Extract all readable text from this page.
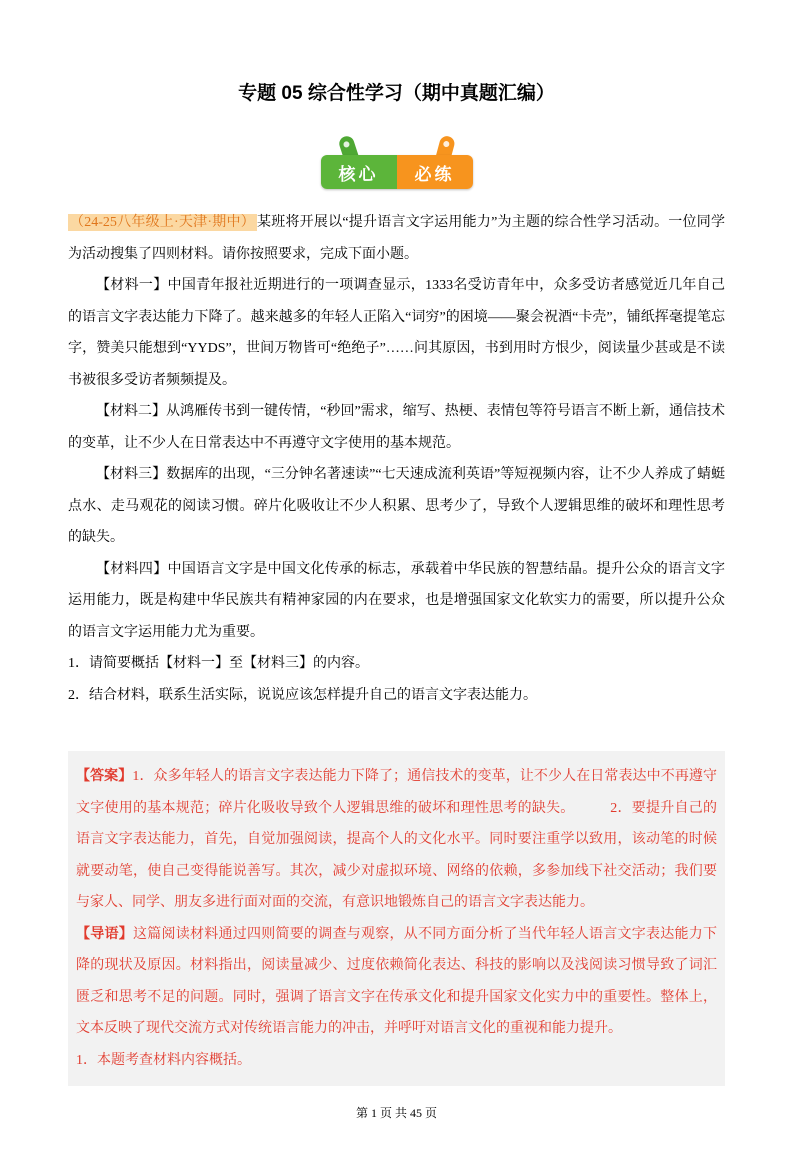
专题 05 综合性学习（期中真题汇编）
核心	必练

（24-25八年级上·天津·期中） 某班将开展以“提升语言文字运用能力”为主题的综合性学习活动。一位同学为活动搜集了四则材料。请你按照要求，完成下面小题。

【材料一】中国青年报社近期进行的一项调查显示，1333名受访青年中，众多受访者感觉近几年自己的语言文字表达能力下降了。越来越多的年轻人正陷入“词穷”的困境——聚会祝酒“卡壳”，铺纸挥毫提笔忘字，赞美只能想到“YYDS”，世间万物皆可“绝绝子”……问其原因，书到用时方恨少，阅读量少甚或是不读书被很多受访者频频提及。

【材料二】从鸿雁传书到一键传情，“秒回”需求，缩写、热梗、表情包等符号语言不断上新，通信技术的变革，让不少人在日常表达中不再遵守文字使用的基本规范。

【材料三】数据库的出现，“三分钟名著速读”“七天速成流利英语”等短视频内容，让不少人养成了蜻蜓点水、走马观花的阅读习惯。碎片化吸收让不少人积累、思考少了，导致个人逻辑思维的破坏和理性思考的缺失。

【材料四】中国语言文字是中国文化传承的标志，承载着中华民族的智慧结晶。提升公众的语言文字运用能力，既是构建中华民族共有精神家园的内在要求，也是增强国家文化软实力的需要，所以提升公众的语言文字运用能力尤为重要。

1．请简要概括【材料一】至【材料三】的内容。

2．结合材料，联系生活实际，说说应该怎样提升自己的语言文字表达能力。

【答案】1．众多年轻人的语言文字表达能力下降了；通信技术的变革，让不少人在日常表达中不再遵守文字使用的基本规范；碎片化吸收导致个人逻辑思维的破坏和理性思考的缺失。　　　2．要提升自己的语言文字表达能力，首先，自觉加强阅读，提高个人的文化水平。同时要注重学以致用，该动笔的时候就要动笔，使自己变得能说善写。其次，减少对虚拟环境、网络的依赖，多参加线下社交活动；我们要与家人、同学、朋友多进行面对面的交流，有意识地锻炼自己的语言文字表达能力。

【导语】这篇阅读材料通过四则简要的调查与观察，从不同方面分析了当代年轻人语言文字表达能力下降的现状及原因。材料指出，阅读量减少、过度依赖简化表达、科技的影响以及浅阅读习惯导致了词汇匮乏和思考不足的问题。同时，强调了语言文字在传承文化和提升国家文化实力中的重要性。整体上，文本反映了现代交流方式对传统语言能力的冲击，并呼吁对语言文化的重视和能力提升。

1．本题考查材料内容概括。

第 1 页 共 45 页
